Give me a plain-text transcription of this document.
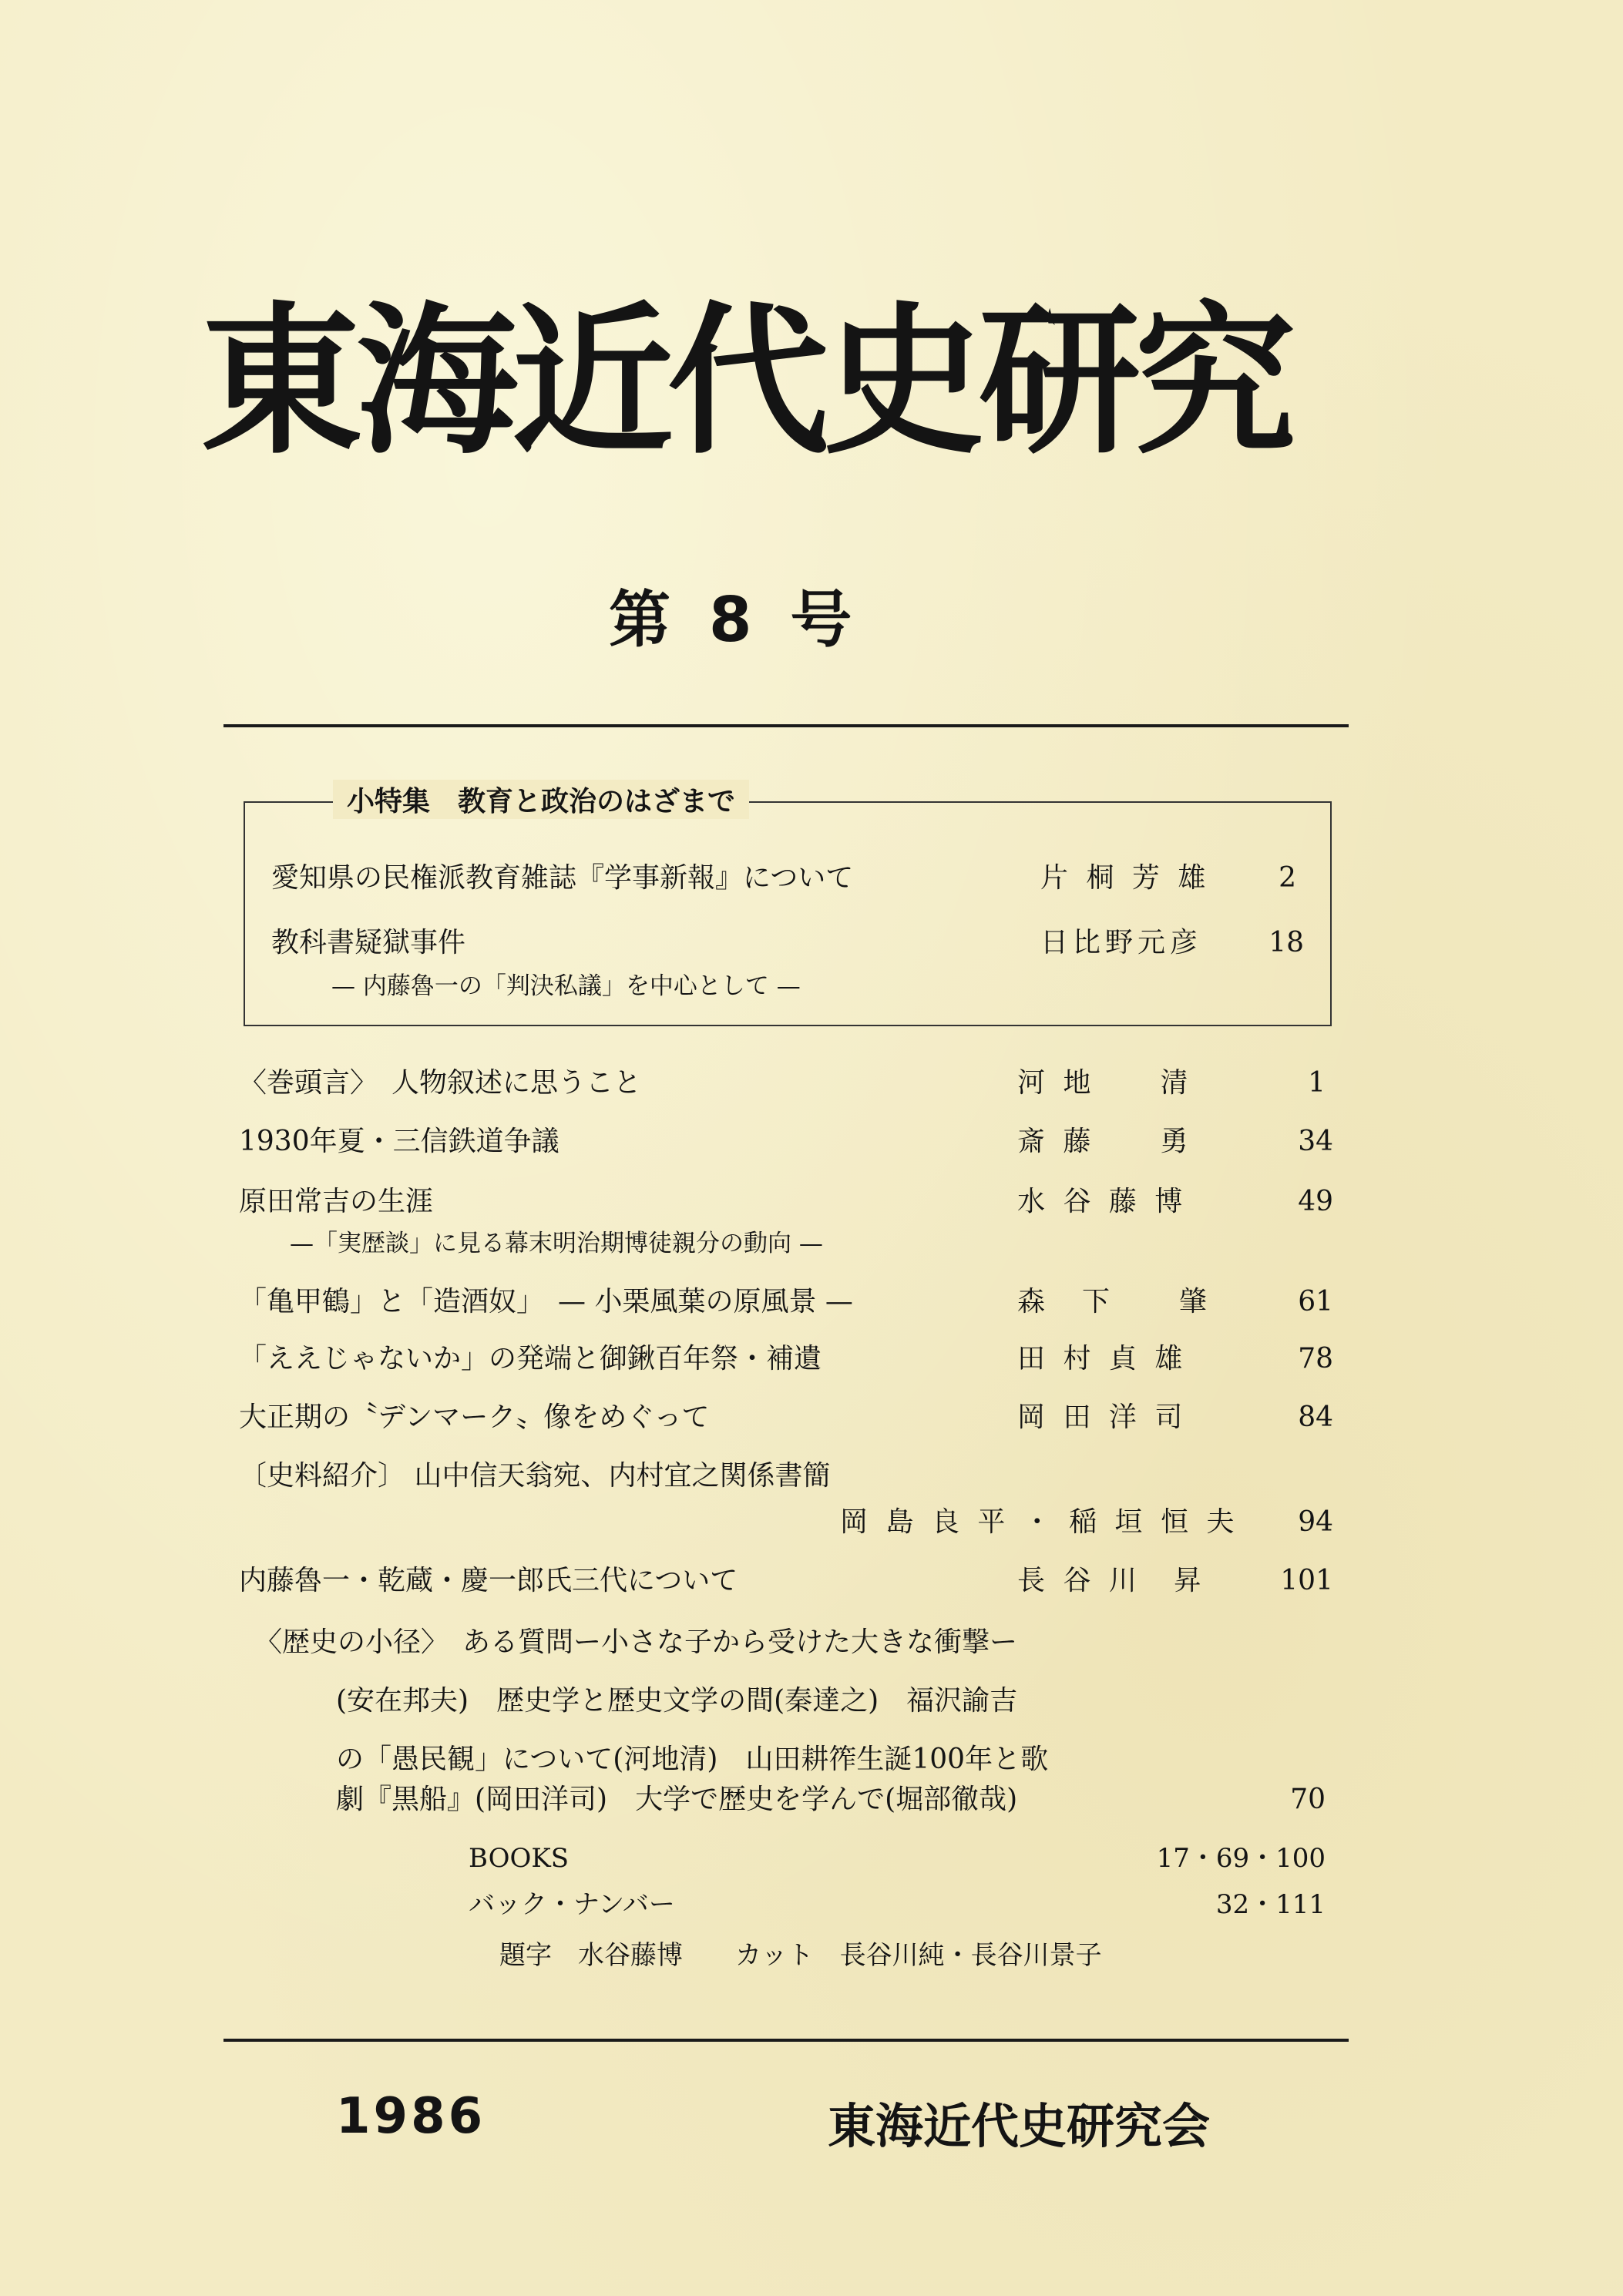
東海近代史研究
第 8 号
小特集　教育と政治のはざまで
愛知県の民権派教育雑誌『学事新報』について	片 桐 芳 雄	2
教科書疑獄事件	日比野元彦	18
— 内藤魯一の「判決私議」を中心として —
〈巻頭言〉　人物叙述に思うこと	河 地　　清	1
1930年夏・三信鉄道争議	斎 藤　　勇	34
原田常吉の生涯	水 谷 藤 博	49
—「実歴談」に見る幕末明治期博徒親分の動向 —
「亀甲鶴」と「造酒奴」　— 小栗風葉の原風景 —	森　下　　肇	61
「ええじゃないか」の発端と御鍬百年祭・補遺	田 村 貞 雄	78
大正期の〝デンマーク〟像をめぐって	岡 田 洋 司	84
〔史料紹介〕 山中信天翁宛、内村宜之関係書簡
岡 島 良 平 ・ 稲 垣 恒 夫	94
内藤魯一・乾蔵・慶一郎氏三代について	長 谷 川　昇	101
〈歴史の小径〉　ある質問ー小さな子から受けた大きな衝撃ー
(安在邦夫)　歴史学と歴史文学の間(秦達之)　福沢諭吉
の「愚民観」について(河地清)　山田耕筰生誕100年と歌
劇『黒船』(岡田洋司)　大学で歴史を学んで(堀部徹哉)	70
BOOKS	17・69・100
バック・ナンバー	32・111
題字　水谷藤博　　カット　長谷川純・長谷川景子
1986	東海近代史研究会
